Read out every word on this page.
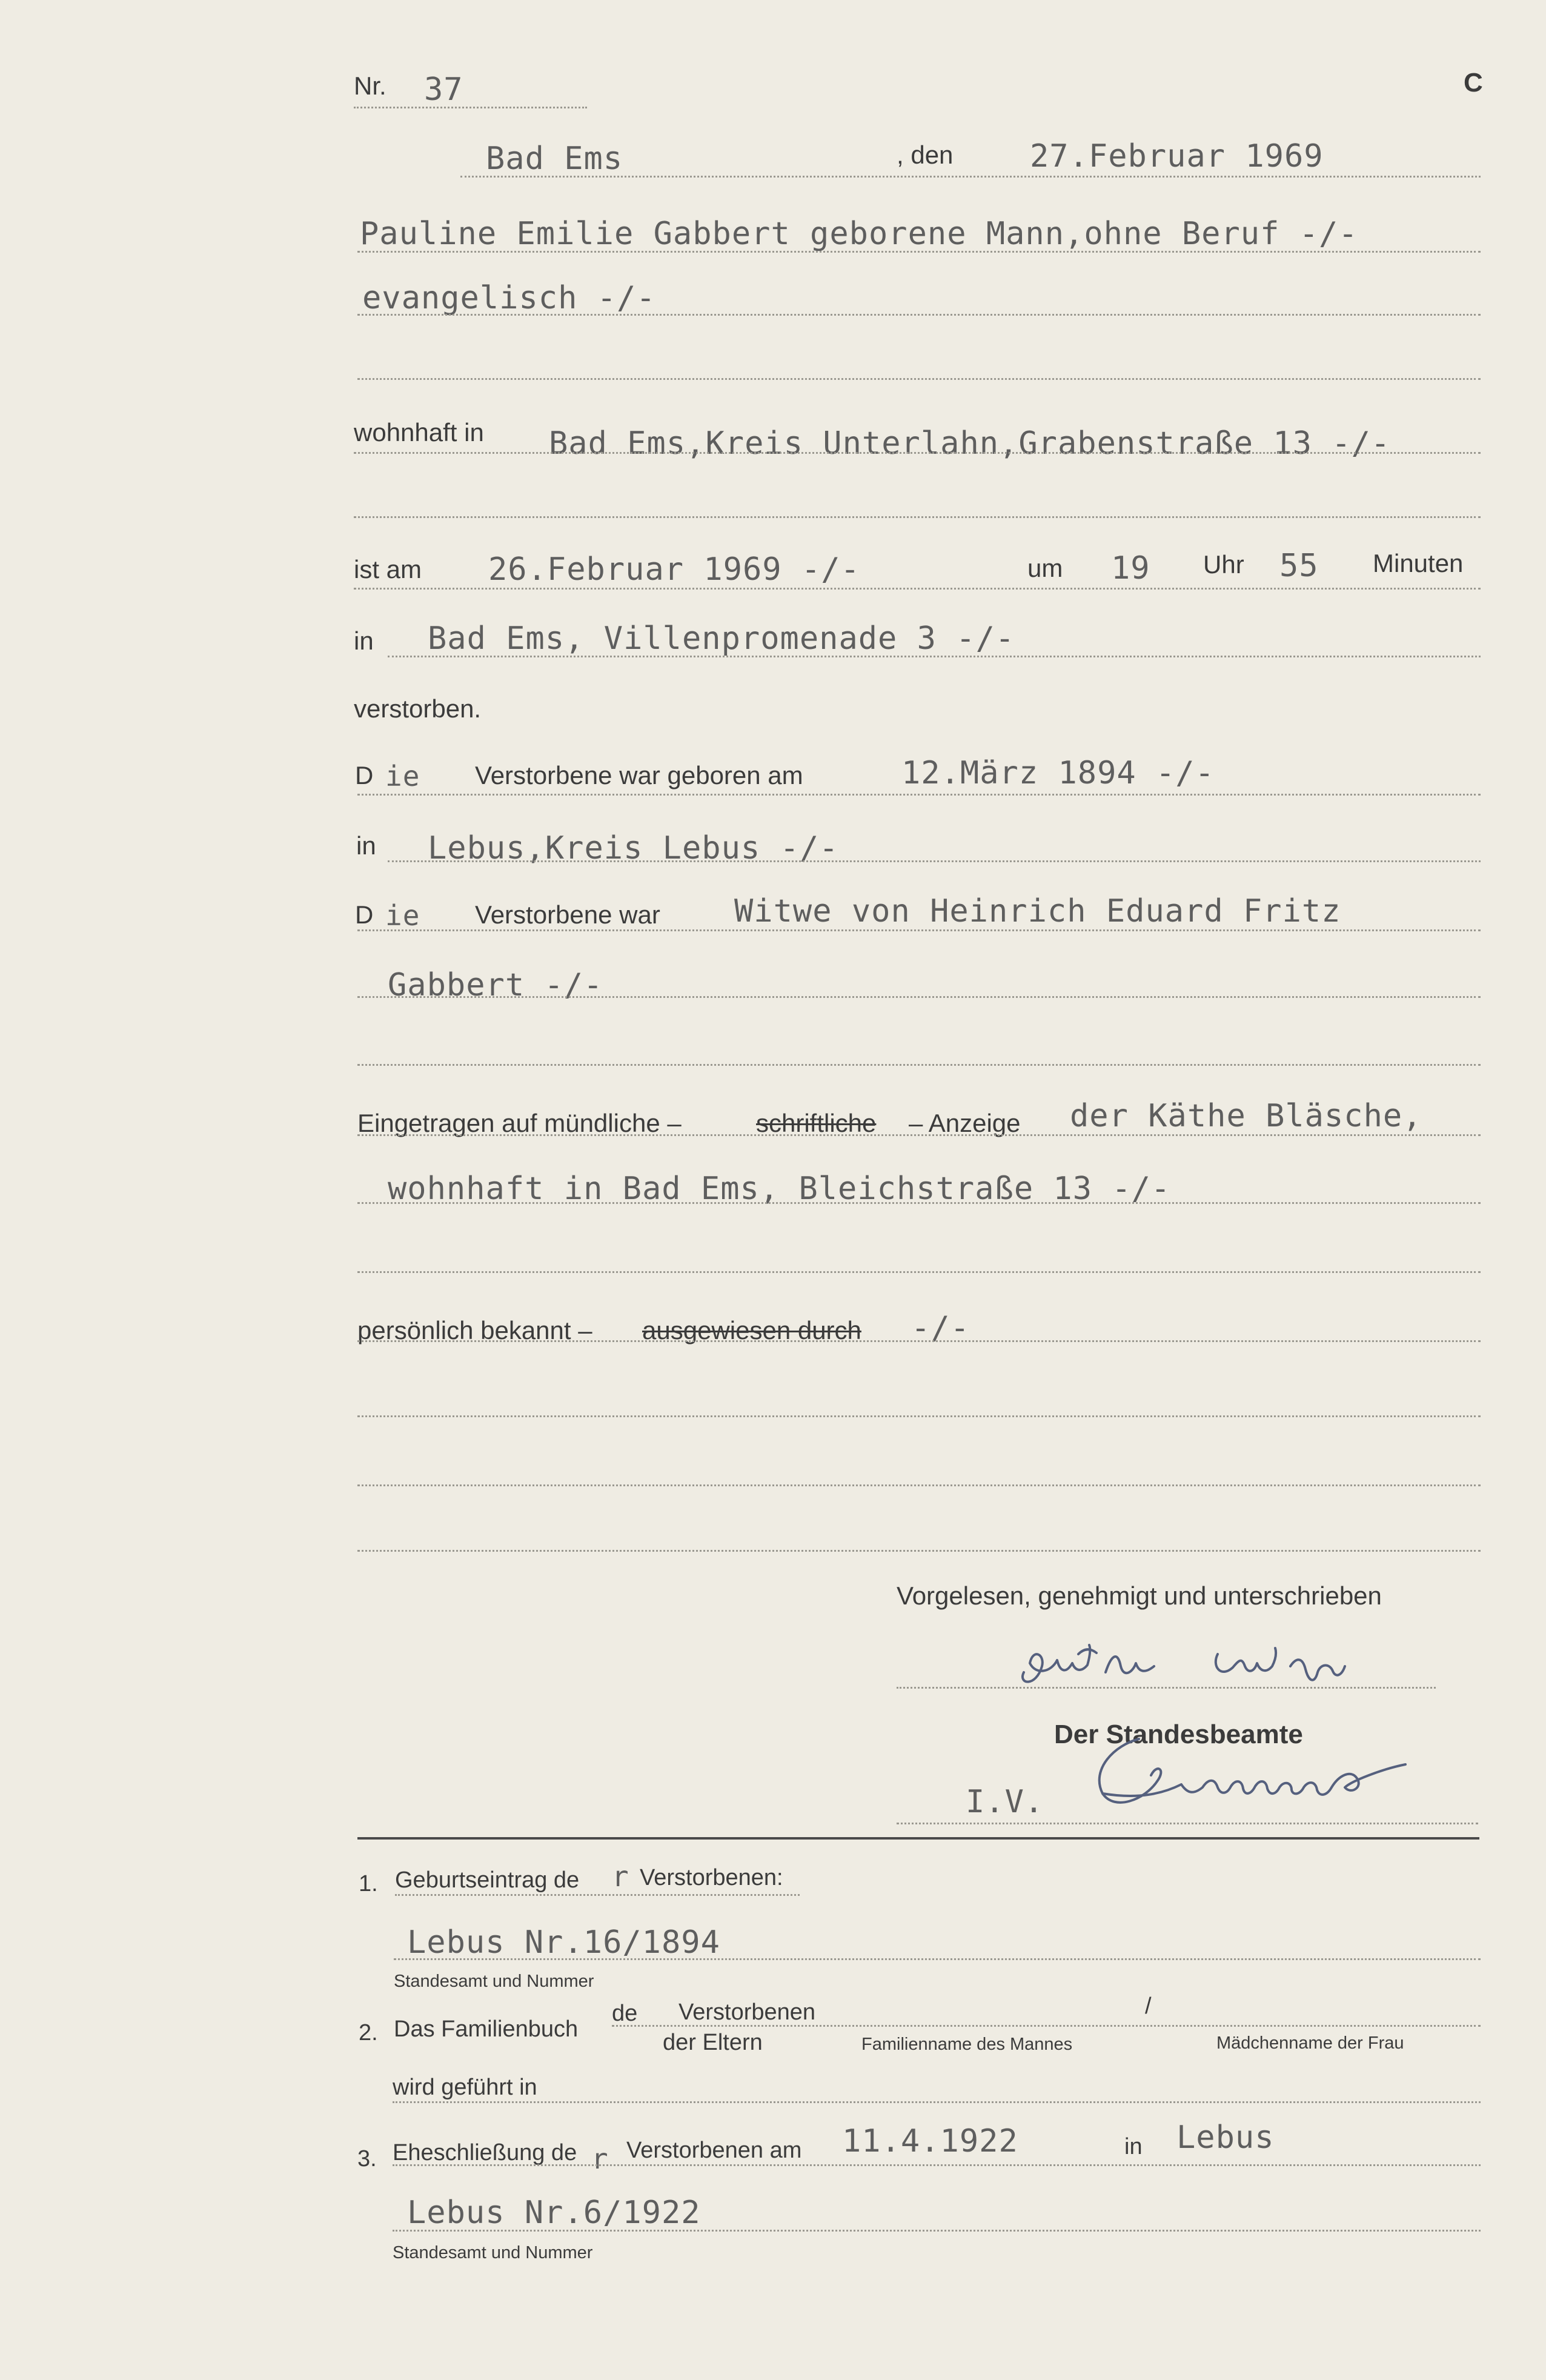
Nr. 37	C
Bad Ems	, den 27.Februar 1969
Pauline Emilie Gabbert geborene Mann,ohne Beruf -/-
evangelisch -/-
wohnhaft in Bad Ems,Kreis Unterlahn,Grabenstraße 13 -/-
ist am 26.Februar 1969 -/-	um 19 Uhr 55 Minuten
in Bad Ems, Villenpromenade 3 -/-
verstorben.
D ie Verstorbene war geboren am	12.März 1894 -/-
in Lebus,Kreis Lebus -/-
D ie Verstorbene war Witwe von Heinrich Eduard Fritz
Gabbert -/-
Eingetragen auf mündliche –	schriftliche – Anzeige der Käthe Bläsche,
wohnhaft in Bad Ems, Bleichstraße 13 -/-
persönlich bekannt – ausgewiesen durch -/-
Vorgelesen, genehmigt und unterschrieben
Der Standesbeamte
I.V.
1. Geburtseintrag de r Verstorbenen:
Lebus Nr.16/1894
Standesamt und Nummer
2. Das Familienbuch
de Verstorbenen
der Eltern
/
Familienname des Mannes	Mädchenname der Frau
wird geführt in
3. Eheschließung de r Verstorbenen am 11.4.1922	in Lebus
Lebus Nr.6/1922
Standesamt und Nummer
